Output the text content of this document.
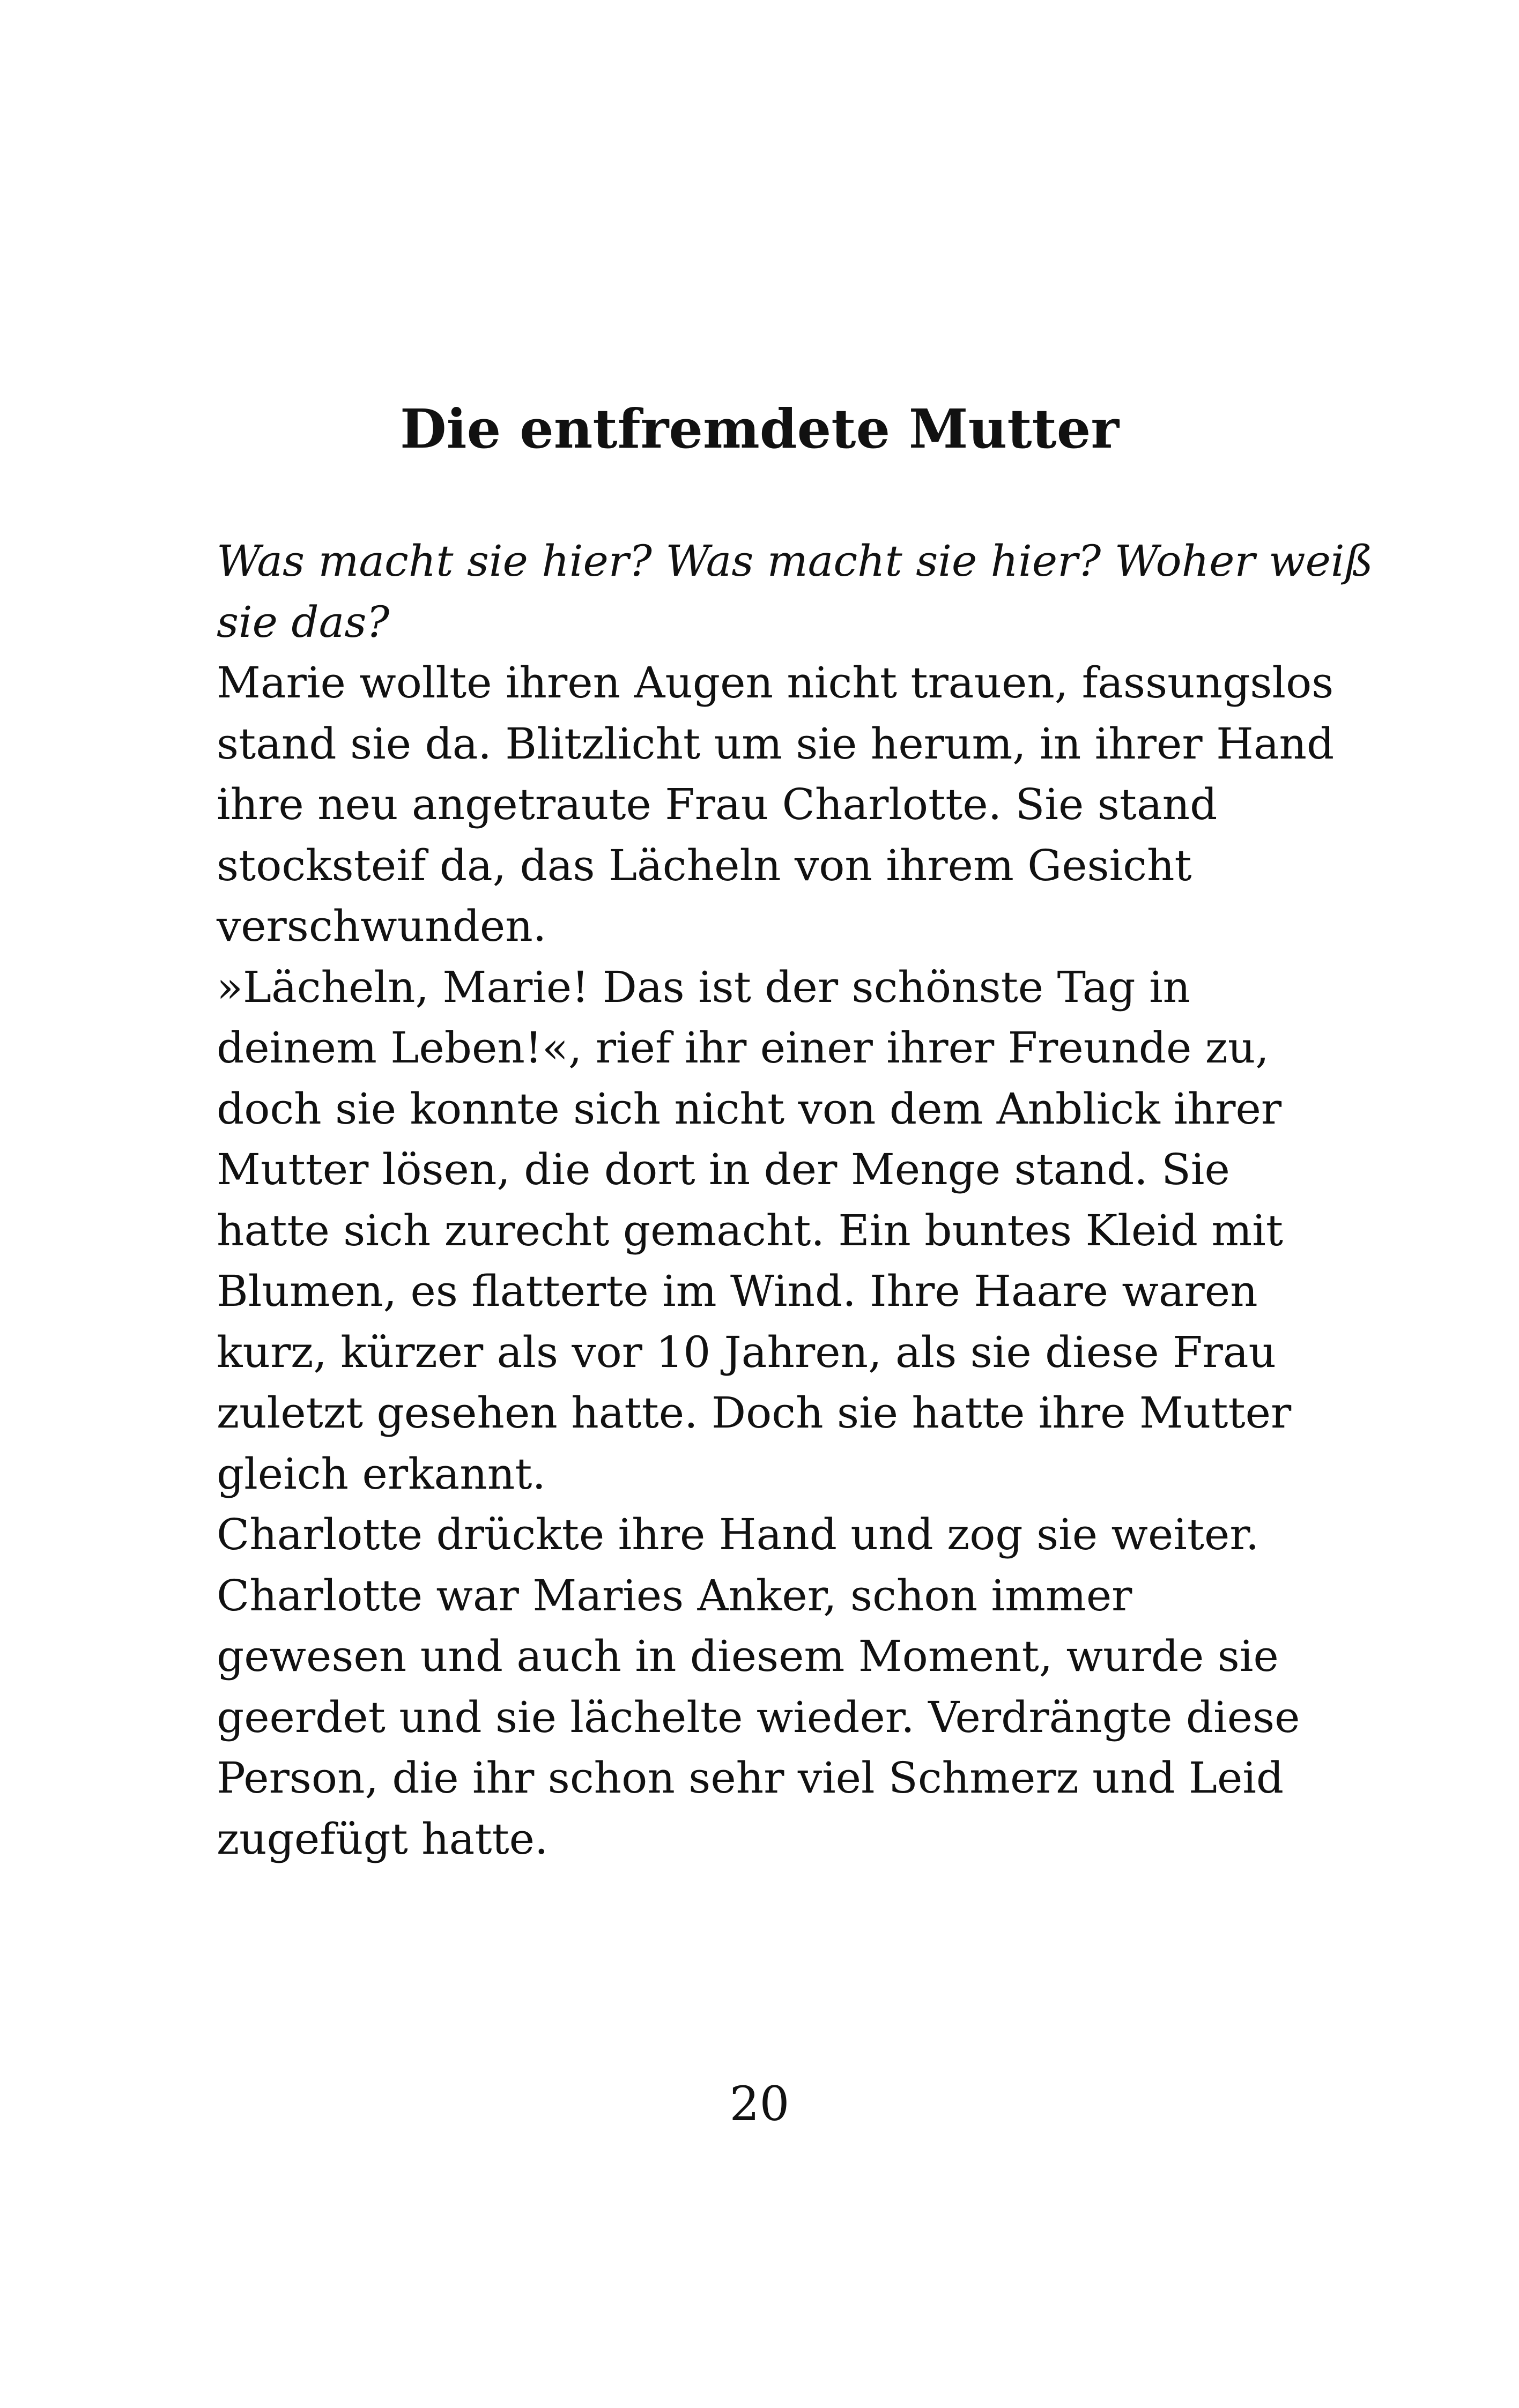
Die entfremdete Mutter
Was macht sie hier? Was macht sie hier? Woher weiß
sie das?
Marie wollte ihren Augen nicht trauen, fassungslos
stand sie da. Blitzlicht um sie herum, in ihrer Hand
ihre neu angetraute Frau Charlotte. Sie stand
stocksteif da, das Lächeln von ihrem Gesicht
verschwunden.
»Lächeln, Marie! Das ist der schönste Tag in
deinem Leben!«, rief ihr einer ihrer Freunde zu,
doch sie konnte sich nicht von dem Anblick ihrer
Mutter lösen, die dort in der Menge stand. Sie
hatte sich zurecht gemacht. Ein buntes Kleid mit
Blumen, es flatterte im Wind. Ihre Haare waren
kurz, kürzer als vor 10 Jahren, als sie diese Frau
zuletzt gesehen hatte. Doch sie hatte ihre Mutter
gleich erkannt.
Charlotte drückte ihre Hand und zog sie weiter.
Charlotte war Maries Anker, schon immer
gewesen und auch in diesem Moment, wurde sie
geerdet und sie lächelte wieder. Verdrängte diese
Person, die ihr schon sehr viel Schmerz und Leid
zugefügt hatte.
20
